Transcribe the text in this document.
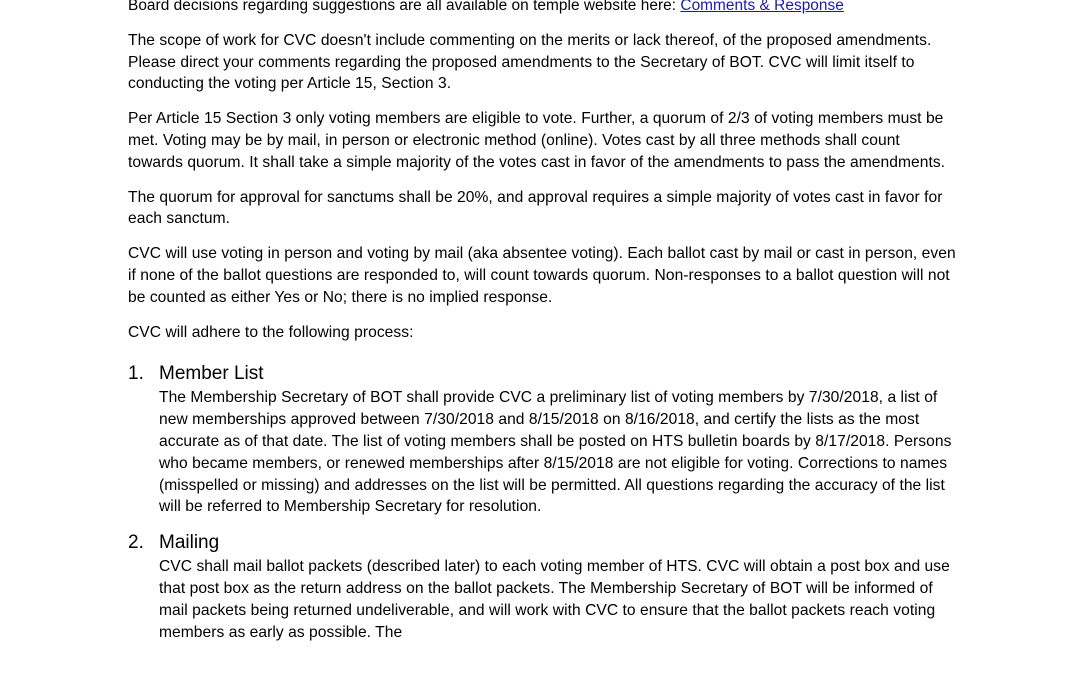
Board decisions regarding suggestions are all available on temple website here: Comments & Response

The scope of work for CVC doesn't include commenting on the merits or lack thereof, of the proposed amendments. Please direct your comments regarding the proposed amendments to the Secretary of BOT. CVC will limit itself to conducting the voting per Article 15, Section 3.

Per Article 15 Section 3 only voting members are eligible to vote. Further, a quorum of 2/3 of voting members must be met. Voting may be by mail, in person or electronic method (online). Votes cast by all three methods shall count towards quorum. It shall take a simple majority of the votes cast in favor of the amendments to pass the amendments.

The quorum for approval for sanctums shall be 20%, and approval requires a simple majority of votes cast in favor for each sanctum.

CVC will use voting in person and voting by mail (aka absentee voting). Each ballot cast by mail or cast in person, even if none of the ballot questions are responded to, will count towards quorum. Non-responses to a ballot question will not be counted as either Yes or No; there is no implied response.

CVC will adhere to the following process:

1. Member List

The Membership Secretary of BOT shall provide CVC a preliminary list of voting members by 7/30/2018, a list of new memberships approved between 7/30/2018 and 8/15/2018 on 8/16/2018, and certify the lists as the most accurate as of that date. The list of voting members shall be posted on HTS bulletin boards by 8/17/2018. Persons who became members, or renewed memberships after 8/15/2018 are not eligible for voting. Corrections to names (misspelled or missing) and addresses on the list will be permitted. All questions regarding the accuracy of the list will be referred to Membership Secretary for resolution.

2. Mailing

CVC shall mail ballot packets (described later) to each voting member of HTS. CVC will obtain a post box and use that post box as the return address on the ballot packets. The Membership Secretary of BOT will be informed of mail packets being returned undeliverable, and will work with CVC to ensure that the ballot packets reach voting members as early as possible. The
